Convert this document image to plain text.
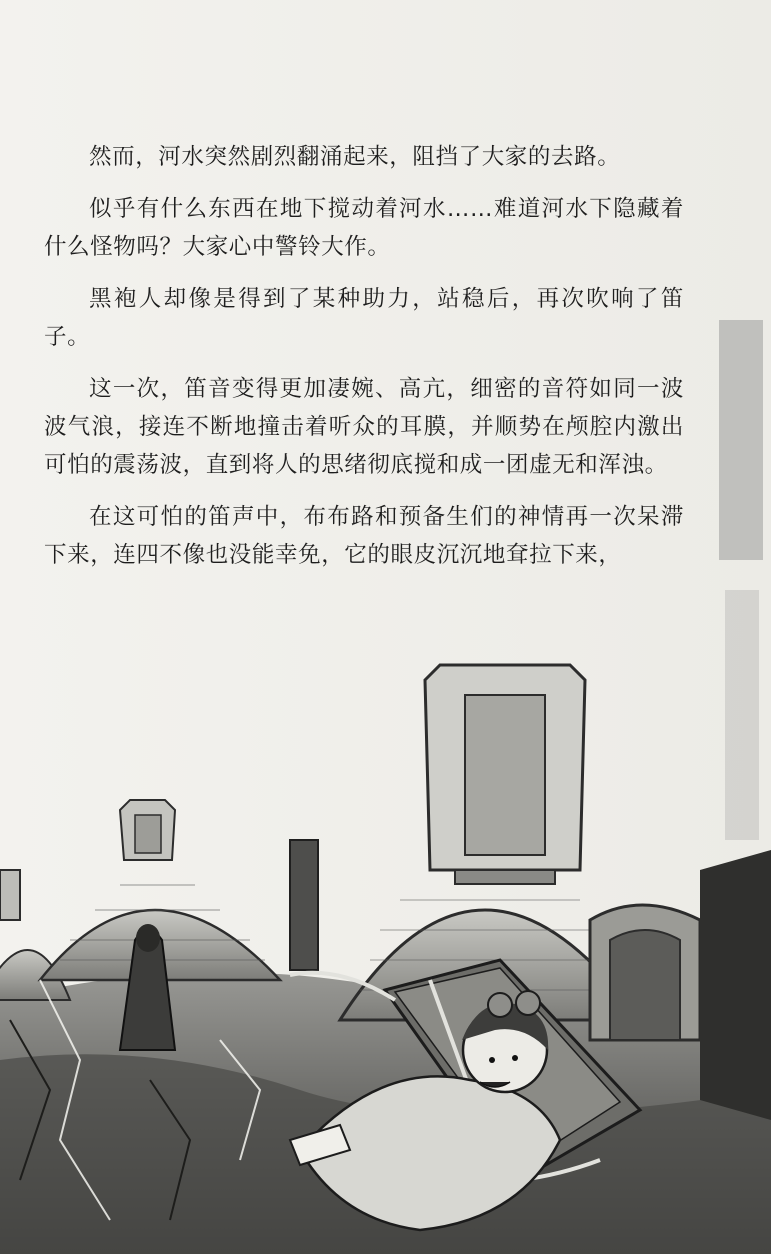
然而，河水突然剧烈翻涌起来，阻挡了大家的去路。

似乎有什么东西在地下搅动着河水……难道河水下隐藏着什么怪物吗？大家心中警铃大作。

黑袍人却像是得到了某种助力，站稳后，再次吹响了笛子。

这一次，笛音变得更加凄婉、高亢，细密的音符如同一波波气浪，接连不断地撞击着听众的耳膜，并顺势在颅腔内激出可怕的震荡波，直到将人的思绪彻底搅和成一团虚无和浑浊。

在这可怕的笛声中，布布路和预备生们的神情再一次呆滞下来，连四不像也没能幸免，它的眼皮沉沉地耷拉下来，
